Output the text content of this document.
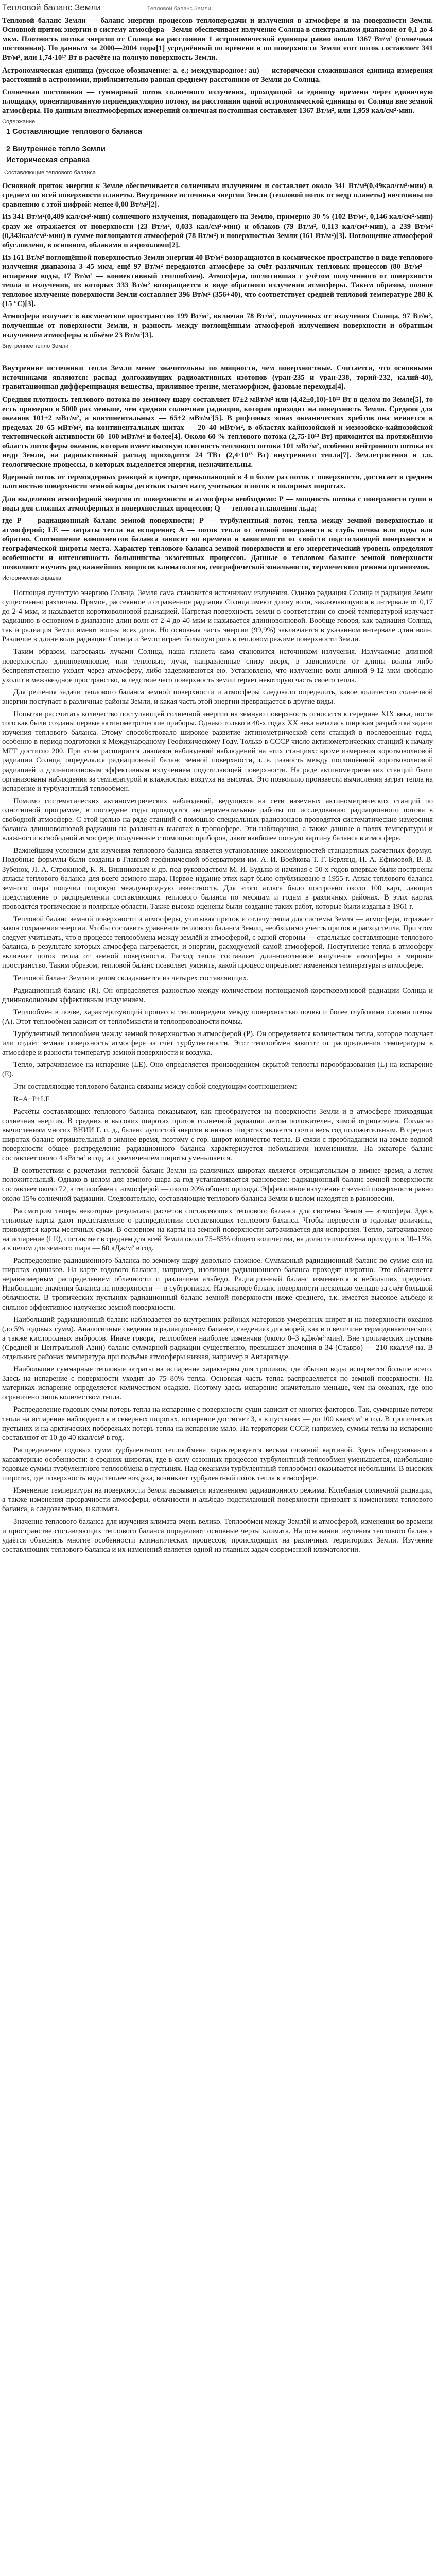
Тепловой баланс Земли	Тепловой баланс Земли

Тепловой баланс Земли — баланс энергии процессов теплопередачи и излучения в атмосфере и на поверхности Земли. Основной приток энергии в систему атмосфера—Земля обеспечивает излучение Солнца в спектральном диапазоне от 0,1 до 4 мкм. Плотность потока энергии от Солнца на расстоянии 1 астрономической единицы равно около 1367 Вт/м² (солнечная постоянная). По данным за 2000—2004 годы[1] усреднённый по времени и по поверхности Земли этот поток составляет 341 Вт/м², или 1,74·10¹⁷ Вт в расчёте на полную поверхность Земли.

Астрономическая единица (русское обозначение: а. е.; международное: au) — исторически сложившаяся единица измерения расстояний в астрономии, приблизительно равная среднему расстоянию от Земли до Солнца.

Солнечная постоянная — суммарный поток солнечного излучения, проходящий за единицу времени через единичную площадку, ориентированную перпендикулярно потоку, на расстоянии одной астрономической единицы от Солнца вне земной атмосферы. По данным внеатмосферных измерений солнечная постоянная составляет 1367 Вт/м², или 1,959 кал/см²·мин.

Содержание
1 Составляющие теплового баланса
2 Внутреннее тепло Земли
Историческая справка
Составляющие теплового баланса

Основной приток энергии к Земле обеспечивается солнечным излучением и составляет около 341 Вт/м²(0,49кал/см²·мин) в среднем по всей поверхности планеты. Внутренние источники энергии Земли (тепловой поток от недр планеты) ничтожны по сравнению с этой цифрой: менее 0,08 Вт/м²[2].

Из 341 Вт/м²(0,489 кал/см²·мин) солнечного излучения, попадающего на Землю, примерно 30 % (102 Вт/м², 0,146 кал/см²·мин) сразу же отражается от поверхности (23 Вт/м², 0,033 кал/см²·мин) и облаков (79 Вт/м², 0,113 кал/см²·мин), а 239 Вт/м² (0,343кал/см²·мин) в сумме поглощаются атмосферой (78 Вт/м²) и поверхностью Земли (161 Вт/м²)[3]. Поглощение атмосферой обусловлено, в основном, облаками и аэрозолями[2].

Из 161 Вт/м² поглощённой поверхностью Земли энергии 40 Вт/м² возвращаются в космическое пространство в виде теплового излучения диапазона 3–45 мкм, ещё 97 Вт/м² передаются атмосфере за счёт различных тепловых процессов (80 Вт/м² — испарение воды, 17 Вт/м² — конвективный теплообмен). Атмосфера, поглотившая с учётом полученного от поверхности тепла и излучения, из которых 333 Вт/м² возвращается в виде обратного излучения атмосферы. Таким образом, полное тепловое излучение поверхности Земли составляет 396 Вт/м² (356+40), что соответствует средней тепловой температуре 288 К (15 °C)[3].

Атмосфера излучает в космическое пространство 199 Вт/м², включая 78 Вт/м², полученных от излучения Солнца, 97 Вт/м², полученные от поверхности Земли, и разность между поглощённым атмосферой излучением поверхности и обратным излучением атмосферы в объёме 23 Вт/м²[3].

Внутреннее тепло Земли

Внутренние источники тепла Земли менее значительны по мощности, чем поверхностные. Считается, что основными источниками являются: распад долгоживущих радиоактивных изотопов (уран-235 и уран-238, торий-232, калий-40), гравитационная дифференциация вещества, приливное трение, метаморфизм, фазовые переходы[4].

Средняя плотность теплового потока по земному шару составляет 87±2 мВт/м² или (4,42±0,10)·10¹³ Вт в целом по Земле[5], то есть примерно в 5000 раз меньше, чем средняя солнечная радиация, которая приходит на поверхность Земли. Средняя для океанов 101±2 мВт/м², а континентальных — 65±2 мВт/м²[5]. В рифтовых зонах океанических хребтов она меняется в пределах 20–65 мВт/м², на континентальных щитах — 20–40 мВт/м², в областях кайнозойской и мезозойско-кайнозойской тектонической активности 60–100 мВт/м² и более[4]. Около 60 % теплового потока (2,75·10¹³ Вт) приходится на протяжённую область литосферы океанов, которая имеет высокую плотность теплового потока 101 мВт/м², особенно нейтронного потока из недр Земли, на радиоактивный распад приходится 24 ТВт (2,4·10¹³ Вт) внутреннего тепла[7]. Землетрясения и т.п. геологические процессы, в которых выделяется энергия, незначительны.

Ядерный поток от термоядерных реакций в центре, превышающий в 4 и более раз поток с поверхности, достигает в среднем плотностью поверхности земной коры десятков тысяч ватт, учитывая и поток в полярных широтах.

Для выделения атмосферной энергии от поверхности и атмосферы необходимо: Р — мощность потока с поверхности суши и воды для сложных атмосферных и поверхностных процессов; Q — теплота плавления льда;

где P — радиационный баланс земной поверхности; P — турбулентный поток тепла между земной поверхностью и атмосферой; LE — затраты тепла на испарение; A — поток тепла от земной поверхности к глубь почвы или воды или обратно. Соотношение компонентов баланса зависит во времени и зависимости от свойств подстилающей поверхности и географической широты места. Характер теплового баланса земной поверхности и его энергетический уровень определяют особенности и интенсивность большинства экзогенных процессов. Данные о тепловом балансе земной поверхности позволяют изучать ряд важнейших вопросов климатологии, географической зональности, термического режима организмов.

Историческая справка

Поглощая лучистую энергию Солнца, Земля сама становится источником излучения. Однако радиация Солнца и радиация Земли существенно различны. Прямое, рассеянное и отраженное радиация Солнца имеют длину волн, заключающуюся в интервале от 0,17 до 2-4 мкм, и называется коротковолновой радиацией. Нагретая поверхность земли в соответствии со своей температурой излучает радиацию в основном в диапазоне длин волн от 2-4 до 40 мкм и называется длинноволновой. Вообще говоря, как радиация Солнца, так и радиация Земли имеют волны всех длин. Но основная часть энергии (99,9%) заключается в указанном интервале длин волн. Различие в длине волн радиации Солнца и Земли играет большую роль в тепловом режиме поверхности Земли.

Таким образом, нагреваясь лучами Солнца, наша планета сама становится источником излучения. Излучаемые длинной поверхностью длинноволновые, или тепловые, лучи, направленные снизу вверх, в зависимости от длины волны либо беспрепятственно уходят через атмосферу, либо задерживаются ею. Установлено, что излучение волн длиной 9-12 мкм свободно уходит в межзвездное пространство, вследствие чего поверхность земли теряет некоторую часть своего тепла.

Для решения задачи теплового баланса земной поверхности и атмосферы следовало определить, какое количество солнечной энергии поступает в различные районы Земли, и какая часть этой энергии превращается в другие виды.

Попытки рассчитать количество поступающей солнечной энергии на земную поверхность относятся к середине XIX века, после того как были созданы первые актинометрические приборы. Однако только в 40-х годах XX века началась широкая разработка задачи изучения теплового баланса. Этому способствовало широкое развитие актинометрической сети станций в послевоенные годы, особенно в период подготовки к Международному Геофизическому Году. Только в СССР число актинометрических станций к началу МГГ достигло 200. При этом расширился диапазон наблюдений наблюдений на этих станциях: кроме измерения коротковолновой радиации Солнца, определялся радиационный баланс земной поверхности, т. е. разность между поглощённой коротковолновой радиацией и длинноволновым эффективным излучением подстилающей поверхности. На ряде актинометрических станций были организованы наблюдения за температурой и влажностью воздуха на высотах. Это позволило произвести вычисления затрат тепла на испарение и турбулентный теплообмен.

Помимо систематических актинометрических наблюдений, ведущихся на сети наземных актинометрических станций по однотипной программе, в последние годы проводятся экспериментальные работы по исследованию радиационного потока в свободной атмосфере. С этой целью на ряде станций с помощью специальных радиозондов проводятся систематические измерения баланса длинноволновой радиации на различных высотах в тропосфере. Эти наблюдения, а также данные о полях температуры и влажности в свободной атмосфере, полученные с помощью приборов, дают наиболее полную картину баланса в атмосфере.

Важнейшим условием для изучения теплового баланса является установление закономерностей стандартных расчетных формул. Подобные формулы были созданы в Главной геофизической обсерватории им. А. И. Воейкова Т. Г. Берлянд, Н. А. Ефимовой, В. В. Зубенок, Л. А. Строкиной, К. Я. Винниковым и др. под руководством М. И. Будыко и начиная с 50-х годов впервые были построены атласы теплового баланса для всего земного шара. Первое издание этих карт было опубликовано в 1955 г. Атлас теплового баланса земного шара получил широкую международную известность. Для этого атласа было построено около 100 карт, дающих представление о распределении составляющих теплового баланса по месяцам и годам в различных районах. В этих картах проводятся тропические и полярные области. Также высоко оценены были создание таких работ, которые были изданы в 1961 г.

Тепловой баланс земной поверхности и атмосферы, учитывая приток и отдачу тепла для системы Земля — атмосфера, отражает закон сохранения энергии. Чтобы составить уравнение теплового баланса Земли, необходимо учесть приток и расход тепла. При этом следует учитывать, что в процессе теплообмена между землёй и атмосферой, с одной стороны — отдельные составляющие теплового баланса, в результате которых атмосфера нагревается, и энергии, расходуемой самой атмосферой. Поступление тепла в атмосферу включает поток тепла от земной поверхности. Расход тепла составляет длинноволновое излучение атмосферы в мировое пространство. Таким образом, тепловой баланс позволяет уяснить, какой процесс определяет изменения температуры в атмосфере.

Тепловой баланс Земли в целом складывается из четырех составляющих.

Радиационный баланс (R). Он определяется разностью между количеством поглощаемой коротковолновой радиации Солнца и длинноволновым эффективным излучением.

Теплообмен в почве, характеризующий процессы теплопередачи между поверхностью почвы и более глубокими слоями почвы (А). Этот теплообмен зависит от теплоёмкости и теплопроводности почвы.

Турбулентный теплообмен между земной поверхностью и атмосферой (P). Он определяется количеством тепла, которое получает или отдаёт земная поверхность атмосфере за счёт турбулентности. Этот теплообмен зависит от распределения температуры в атмосфере и разности температур земной поверхности и воздуха.

Тепло, затрачиваемое на испарение (LE). Оно определяется произведением скрытой теплоты парообразования (L) на испарение (E).

Эти составляющие теплового баланса связаны между собой следующим соотношением:

R=A+P+LE

Расчёты составляющих теплового баланса показывают, как преобразуется на поверхности Земли и в атмосфере приходящая солнечная энергия. В средних и высоких широтах приток солнечной радиации летом положителен, зимой отрицателен. Согласно вычислениям многих ВНИИ Г. и. д., баланс лучистой энергии в низких широтах является почти весь год положительным. В средних широтах баланс отрицательный в зимнее время, поэтому с гор. широт количество тепла. В связи с преобладанием на земле водной поверхности общее распределение радиационного баланса характеризуется небольшими изменениями. На экваторе баланс составляет около 4 кВт·м² в год, а с увеличением широты уменьшается.

В соответствии с расчетами тепловой баланс Земли на различных широтах является отрицательным в зимнее время, а летом положительный. Однако в целом для земного шара за год устанавливается равновесие: радиационный баланс земной поверхности составляет около 72, а теплообмен с атмосферой — около 20% общего прихода. Эффективное излучение с земной поверхности равно около 15% солнечной радиации. Следовательно, составляющие теплового баланса Земли в целом находятся в равновесии.

Рассмотрим теперь некоторые результаты расчетов составляющих теплового баланса для системы Земля — атмосфера. Здесь тепловые карты дают представление о распределении составляющих теплового баланса. Чтобы перевести в годовые величины, приводятся карты месячных сумм. В основном на карты на земной поверхности затрачивается для испарения. Тепло, затрачиваемое на испарение (LE), составляет в среднем для всей Земли около 75–85% общего количества, на долю теплообмена приходится 10–15%, а в целом для земного шара — 60 кДж/м² в год.

Распределение радиационного баланса по земному шару довольно сложное. Суммарный радиационный баланс по сумме сил на широтах одинаков. На карте годового баланса, например, изолинии радиационного баланса проходят широтно. Это объясняется неравномерным распределением облачности и различием альбедо. Радиационный баланс изменяется в небольших пределах. Наибольшие значения баланса на поверхности — в субтропиках. На экваторе баланс поверхности несколько меньше за счёт большой облачности. В тропических пустынях радиационный баланс земной поверхности ниже среднего, т.к. имеется высокое альбедо и сильное эффективное излучение земной поверхности.

Наибольший радиационный баланс наблюдается во внутренних районах материков умеренных широт и на поверхности океанов (до 5% годовых сумм). Аналогичные сведения о радиационном балансе, сведениях для морей, как и о величине термодинамического, а также кислородных выбросов. Иначе говоря, теплообмен наиболее изменчив (около 0–3 кДж/м²·мин). Вне тропических пустынь (Средней и Центральной Азии) баланс суммарной радиации существенно, превышает значения в 34 (Ставро) — 210 ккал/м² на. В отдельных районах температура при подъёме атмосферы низкая, например в Антарктиде.

Наибольшие суммарные тепловые затраты на испарение характерны для тропиков, где обычно воды испаряется больше всего. Здесь на испарение с поверхности уходит до 75–80% тепла. Основная часть тепла распределяется по земной поверхности. На материках испарение определяется количеством осадков. Поэтому здесь испарение значительно меньше, чем на океанах, где оно ограничено лишь количеством тепла.

Распределение годовых сумм потерь тепла на испарение с поверхности суши зависит от многих факторов. Так, суммарные потери тепла на испарение наблюдаются в северных широтах, испарение достигает 3, а в пустынях — до 100 ккал/см² в год. В тропических пустынях и на арктических побережьях потерь тепла на испарение мало. На территории СССР, например, суммы тепла на испарение составляют от 10 до 40 ккал/см² в год.

Распределение годовых сумм турбулентного теплообмена характеризуется весьма сложной картиной. Здесь обнаруживаются характерные особенности: в средних широтах, где в силу сезонных процессов турбулентный теплообмен уменьшается, наибольшие годовые суммы турбулентного теплообмена в пустынях. Над океанами турбулентный теплообмен оказывается небольшим. В высоких широтах, где поверхность воды теплее воздуха, возникает турбулентный поток тепла к атмосфере.

Изменение температуры на поверхности Земли вызывается изменением радиационного режима. Колебания солнечной радиации, а также изменения прозрачности атмосферы, облачности и альбедо подстилающей поверхности приводят к изменениям теплового баланса, а следовательно, и климата.

Значение теплового баланса для изучения климата очень велико. Теплообмен между Землёй и атмосферой, изменения во времени и пространстве составляющих теплового баланса определяют основные черты климата. На основании изучения теплового баланса удаётся объяснить многие особенности климатических процессов, происходящих на различных территориях Земли. Изучение составляющих теплового баланса и их изменений является одной из главных задач современной климатологии.
